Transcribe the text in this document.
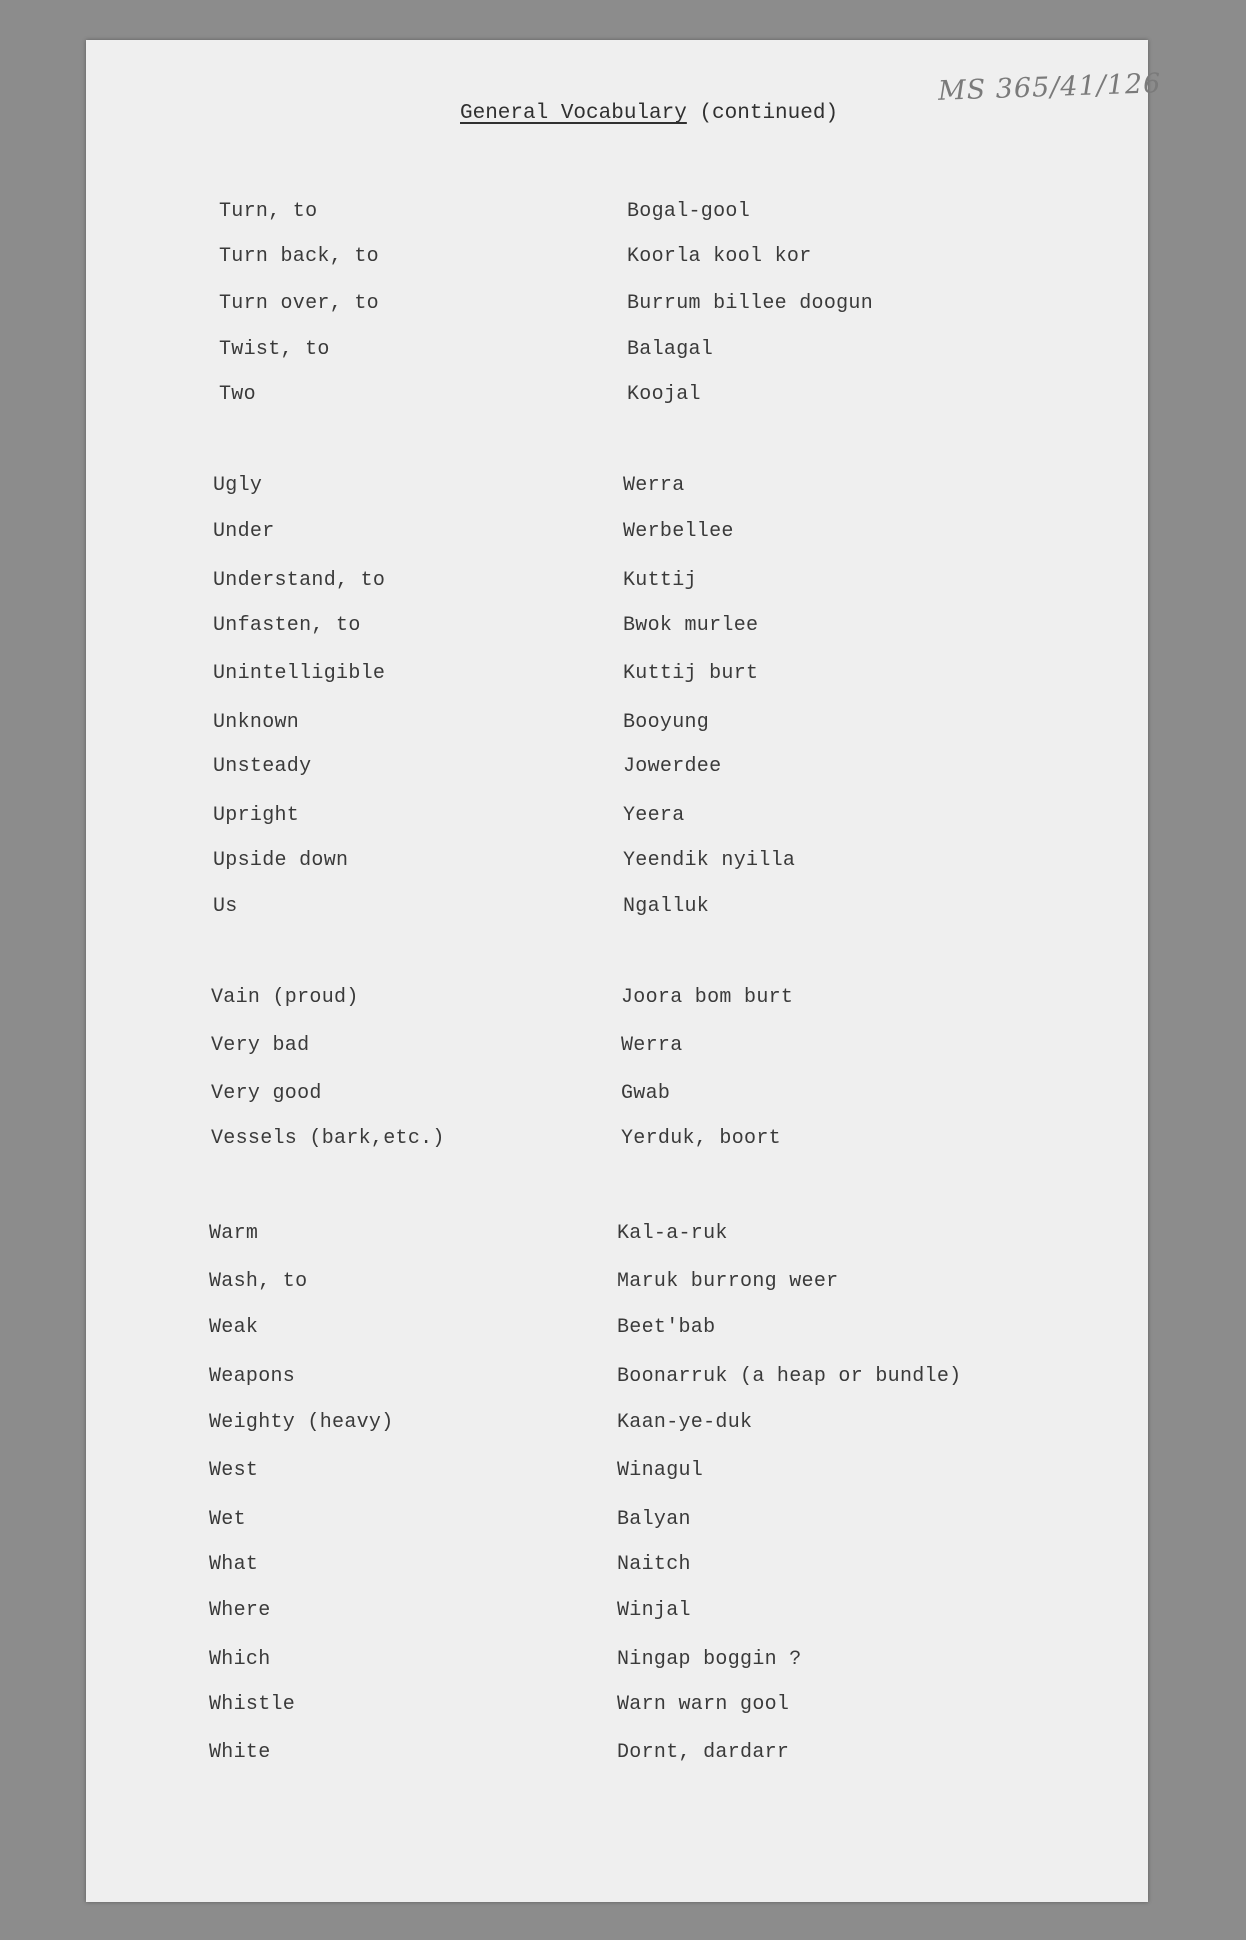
MS 365/41/126
General Vocabulary (continued)
Turn, to	Bogal-gool
Turn back, to	Koorla kool kor
Turn over, to	Burrum billee doogun
Twist, to	Balagal
Two	Koojal
Ugly	Werra
Under	Werbellee
Understand, to	Kuttij
Unfasten, to	Bwok murlee
Unintelligible	Kuttij burt
Unknown	Booyung
Unsteady	Jowerdee
Upright	Yeera
Upside down	Yeendik nyilla
Us	Ngalluk
Vain (proud)	Joora bom burt
Very bad	Werra
Very good	Gwab
Vessels (bark,etc.)	Yerduk, boort
Warm	Kal-a-ruk
Wash, to	Maruk burrong weer
Weak	Beet'bab
Weapons	Boonarruk (a heap or bundle)
Weighty (heavy)	Kaan-ye-duk
West	Winagul
Wet	Balyan
What	Naitch
Where	Winjal
Which	Ningap boggin ?
Whistle	Warn warn gool
White	Dornt, dardarr
